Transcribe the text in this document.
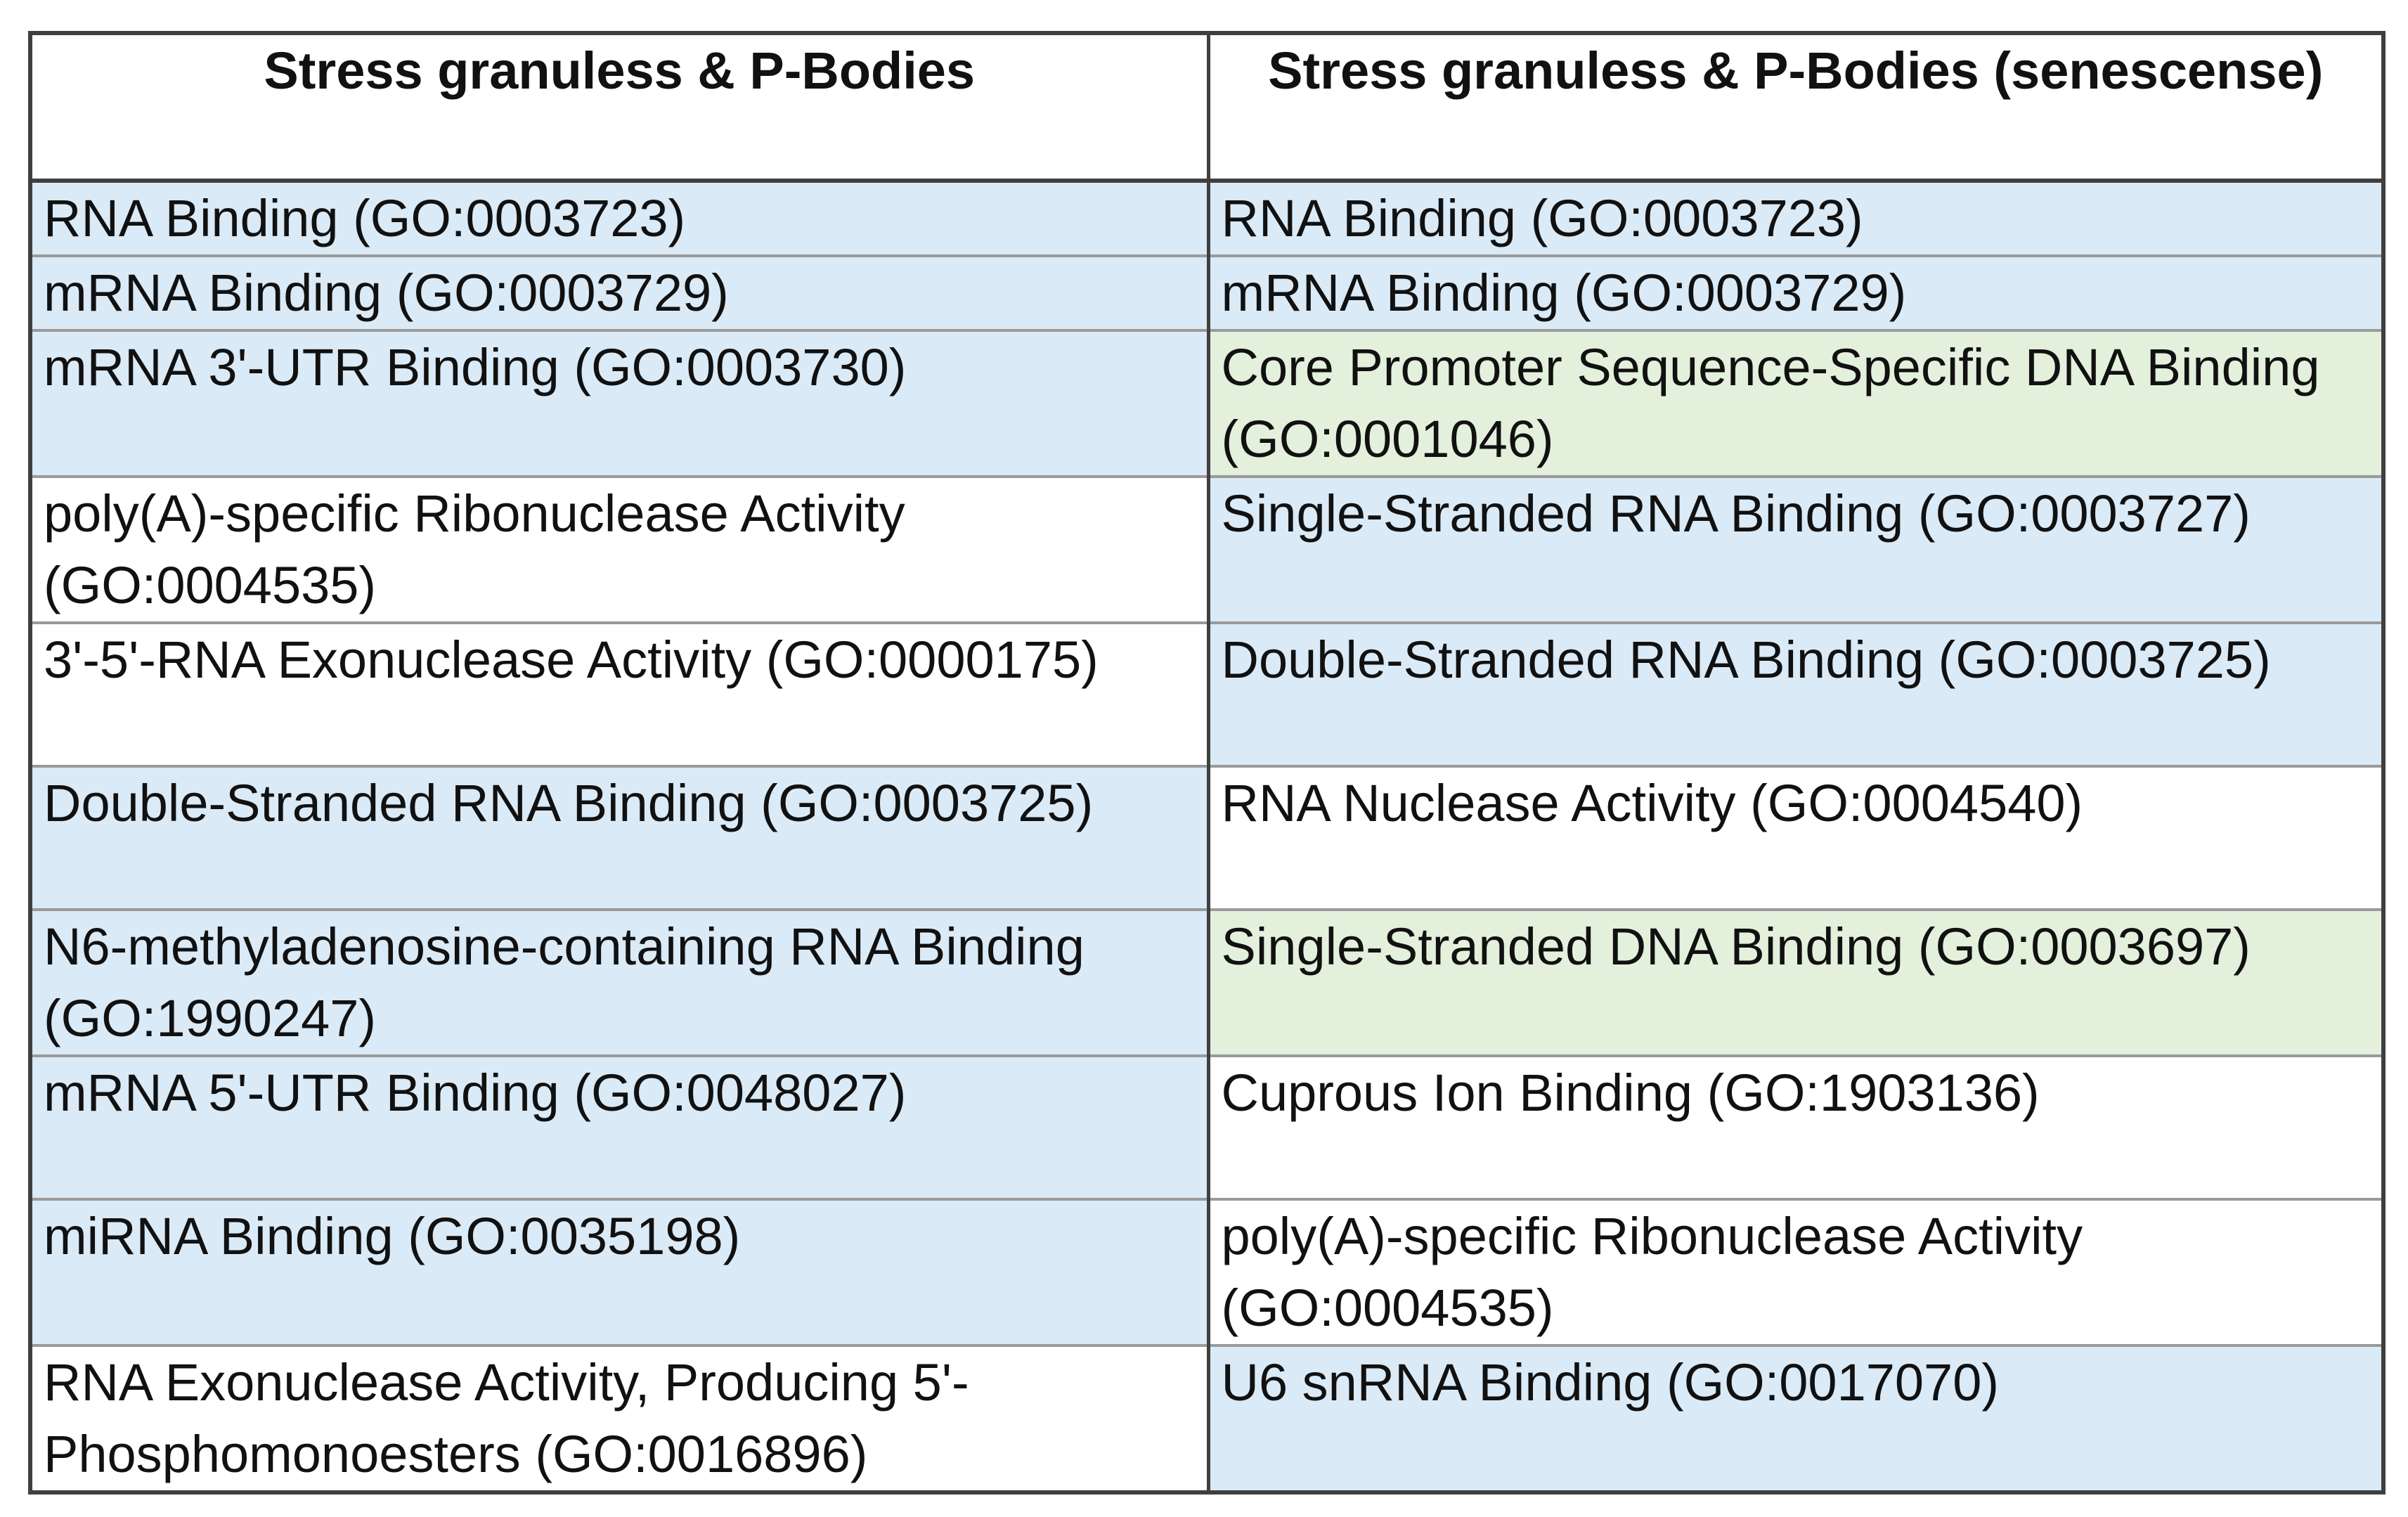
Stress granuless & P-Bodies	Stress granuless & P-Bodies (senescense)
RNA Binding (GO:0003723)	RNA Binding (GO:0003723)
mRNA Binding (GO:0003729)	mRNA Binding (GO:0003729)
mRNA 3'-UTR Binding (GO:0003730)	Core Promoter Sequence-Specific DNA Binding (GO:0001046)
poly(A)-specific Ribonuclease Activity (GO:0004535)	Single-Stranded RNA Binding (GO:0003727)
3'-5'-RNA Exonuclease Activity (GO:0000175)	Double-Stranded RNA Binding (GO:0003725)
Double-Stranded RNA Binding (GO:0003725)	RNA Nuclease Activity (GO:0004540)
N6-methyladenosine-containing RNA Binding (GO:1990247)	Single-Stranded DNA Binding (GO:0003697)
mRNA 5'-UTR Binding (GO:0048027)	Cuprous Ion Binding (GO:1903136)
miRNA Binding (GO:0035198)	poly(A)-specific Ribonuclease Activity (GO:0004535)
RNA Exonuclease Activity, Producing 5'-Phosphomonoesters (GO:0016896)	U6 snRNA Binding (GO:0017070)
